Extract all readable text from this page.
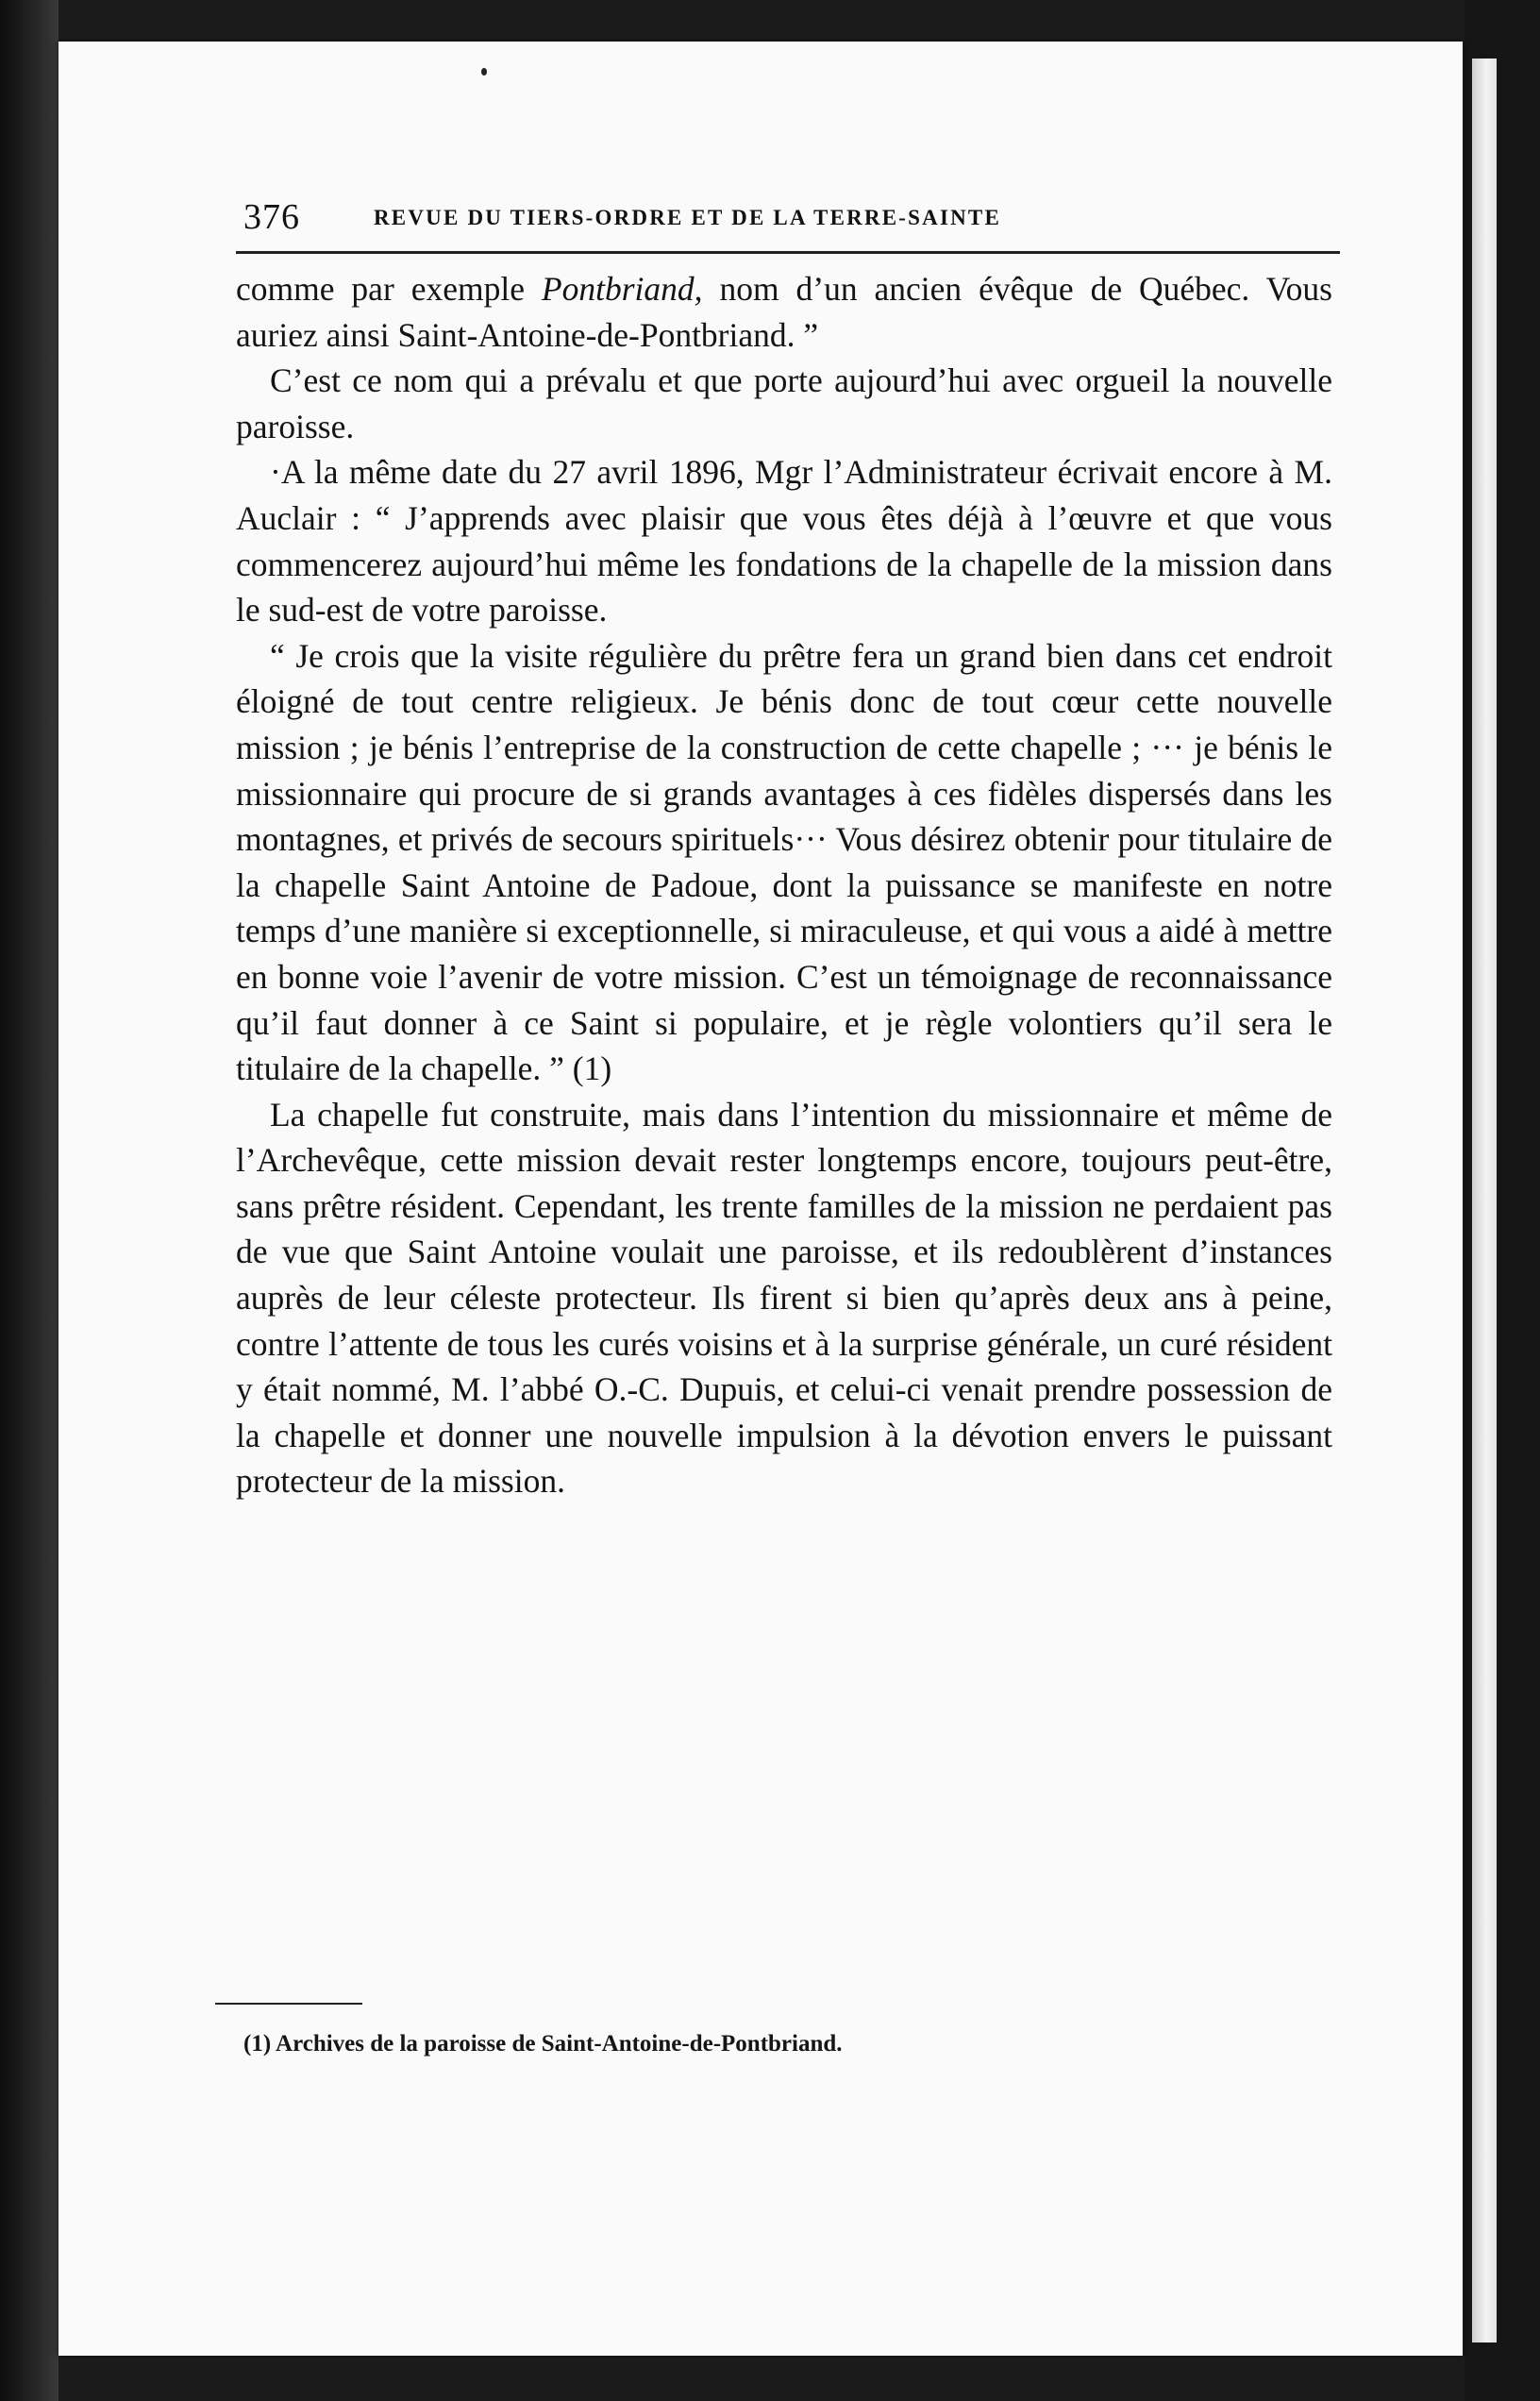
376	REVUE DU TIERS-ORDRE ET DE LA TERRE-SAINTE

comme par exemple Pontbriand, nom d’un ancien évêque de Québec. Vous auriez ainsi Saint-Antoine-de-Pontbriand. ”

C’est ce nom qui a prévalu et que porte aujourd’hui avec orgueil la nouvelle paroisse.

·A la même date du 27 avril 1896, Mgr l’Administrateur écrivait encore à M. Auclair : “ J’apprends avec plaisir que vous êtes déjà à l’œuvre et que vous commencerez aujourd’hui même les fondations de la chapelle de la mission dans le sud-est de votre paroisse.

“ Je crois que la visite régulière du prêtre fera un grand bien dans cet endroit éloigné de tout centre religieux. Je bénis donc de tout cœur cette nouvelle mission ; je bénis l’entreprise de la construction de cette chapelle ; ··· je bénis le missionnaire qui procure de si grands avantages à ces fidèles dispersés dans les montagnes, et privés de secours spirituels··· Vous désirez obtenir pour titulaire de la chapelle Saint Antoine de Padoue, dont la puissance se manifeste en notre temps d’une manière si exceptionnelle, si miraculeuse, et qui vous a aidé à mettre en bonne voie l’avenir de votre mission. C’est un témoignage de reconnaissance qu’il faut donner à ce Saint si populaire, et je règle volontiers qu’il sera le titulaire de la chapelle. ” (1)

La chapelle fut construite, mais dans l’intention du missionnaire et même de l’Archevêque, cette mission devait rester longtemps encore, toujours peut-être, sans prêtre résident. Cependant, les trente familles de la mission ne perdaient pas de vue que Saint Antoine voulait une paroisse, et ils redoublèrent d’instances auprès de leur céleste protecteur. Ils firent si bien qu’après deux ans à peine, contre l’attente de tous les curés voisins et à la surprise générale, un curé résident y était nommé, M. l’abbé O.-C. Dupuis, et celui-ci venait prendre possession de la chapelle et donner une nouvelle impulsion à la dévotion envers le puissant protecteur de la mission.

(1) Archives de la paroisse de Saint-Antoine-de-Pontbriand.
